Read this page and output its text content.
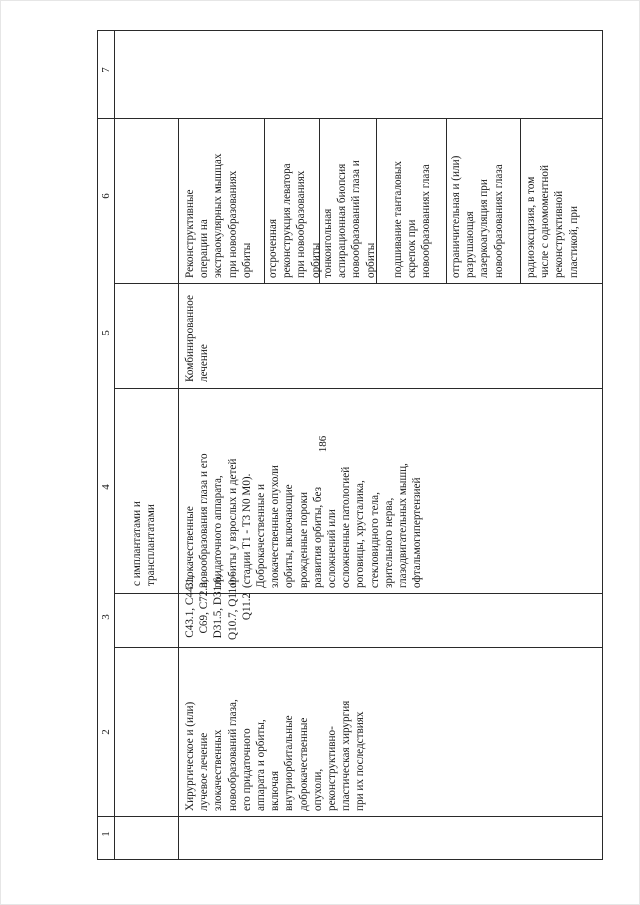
186
1
2
3
4
5
6
7
с имплантатами и
трансплантатами
Хирургическое и (или)
лучевое лечение
злокачественных
новообразований глаза,
его придаточного
аппарата и орбиты,
включая
внутриорбитальные
доброкачественные
опухоли,
реконструктивно-
пластическая хирургия
при их последствиях
C43.1, C44.1,
C69, C72.3,
D31.5, D31.6,
Q10.7, Q11.0 -
Q11.2
Злокачественные
новообразования глаза и его
придаточного аппарата,
орбиты у взрослых и детей
(стадии T1 - T3 N0 M0).
Доброкачественные и
злокачественные опухоли
орбиты, включающие
врожденные пороки
развития орбиты, без
осложнений или
осложненные патологией
роговицы, хрусталика,
стекловидного тела,
зрительного нерва,
глазодвигательных мышц,
офтальмогипертензией
Комбинированное
лечение
Реконструктивные
операции на
экстраокулярных мышцах
при новообразованиях
орбиты отсроченная
реконструкция леватора
при новообразованиях
орбиты тонкоигольная
аспирационная биопсия
новообразований глаза и
орбиты подшивание танталовых
скрепок при
новообразованиях глаза
отграничительная и (или)
разрушающая
лазеркоагуляция при
новообразованиях глаза
радиоэксцизия, в том
числе с одномоментной
реконструктивной
пластикой, при
